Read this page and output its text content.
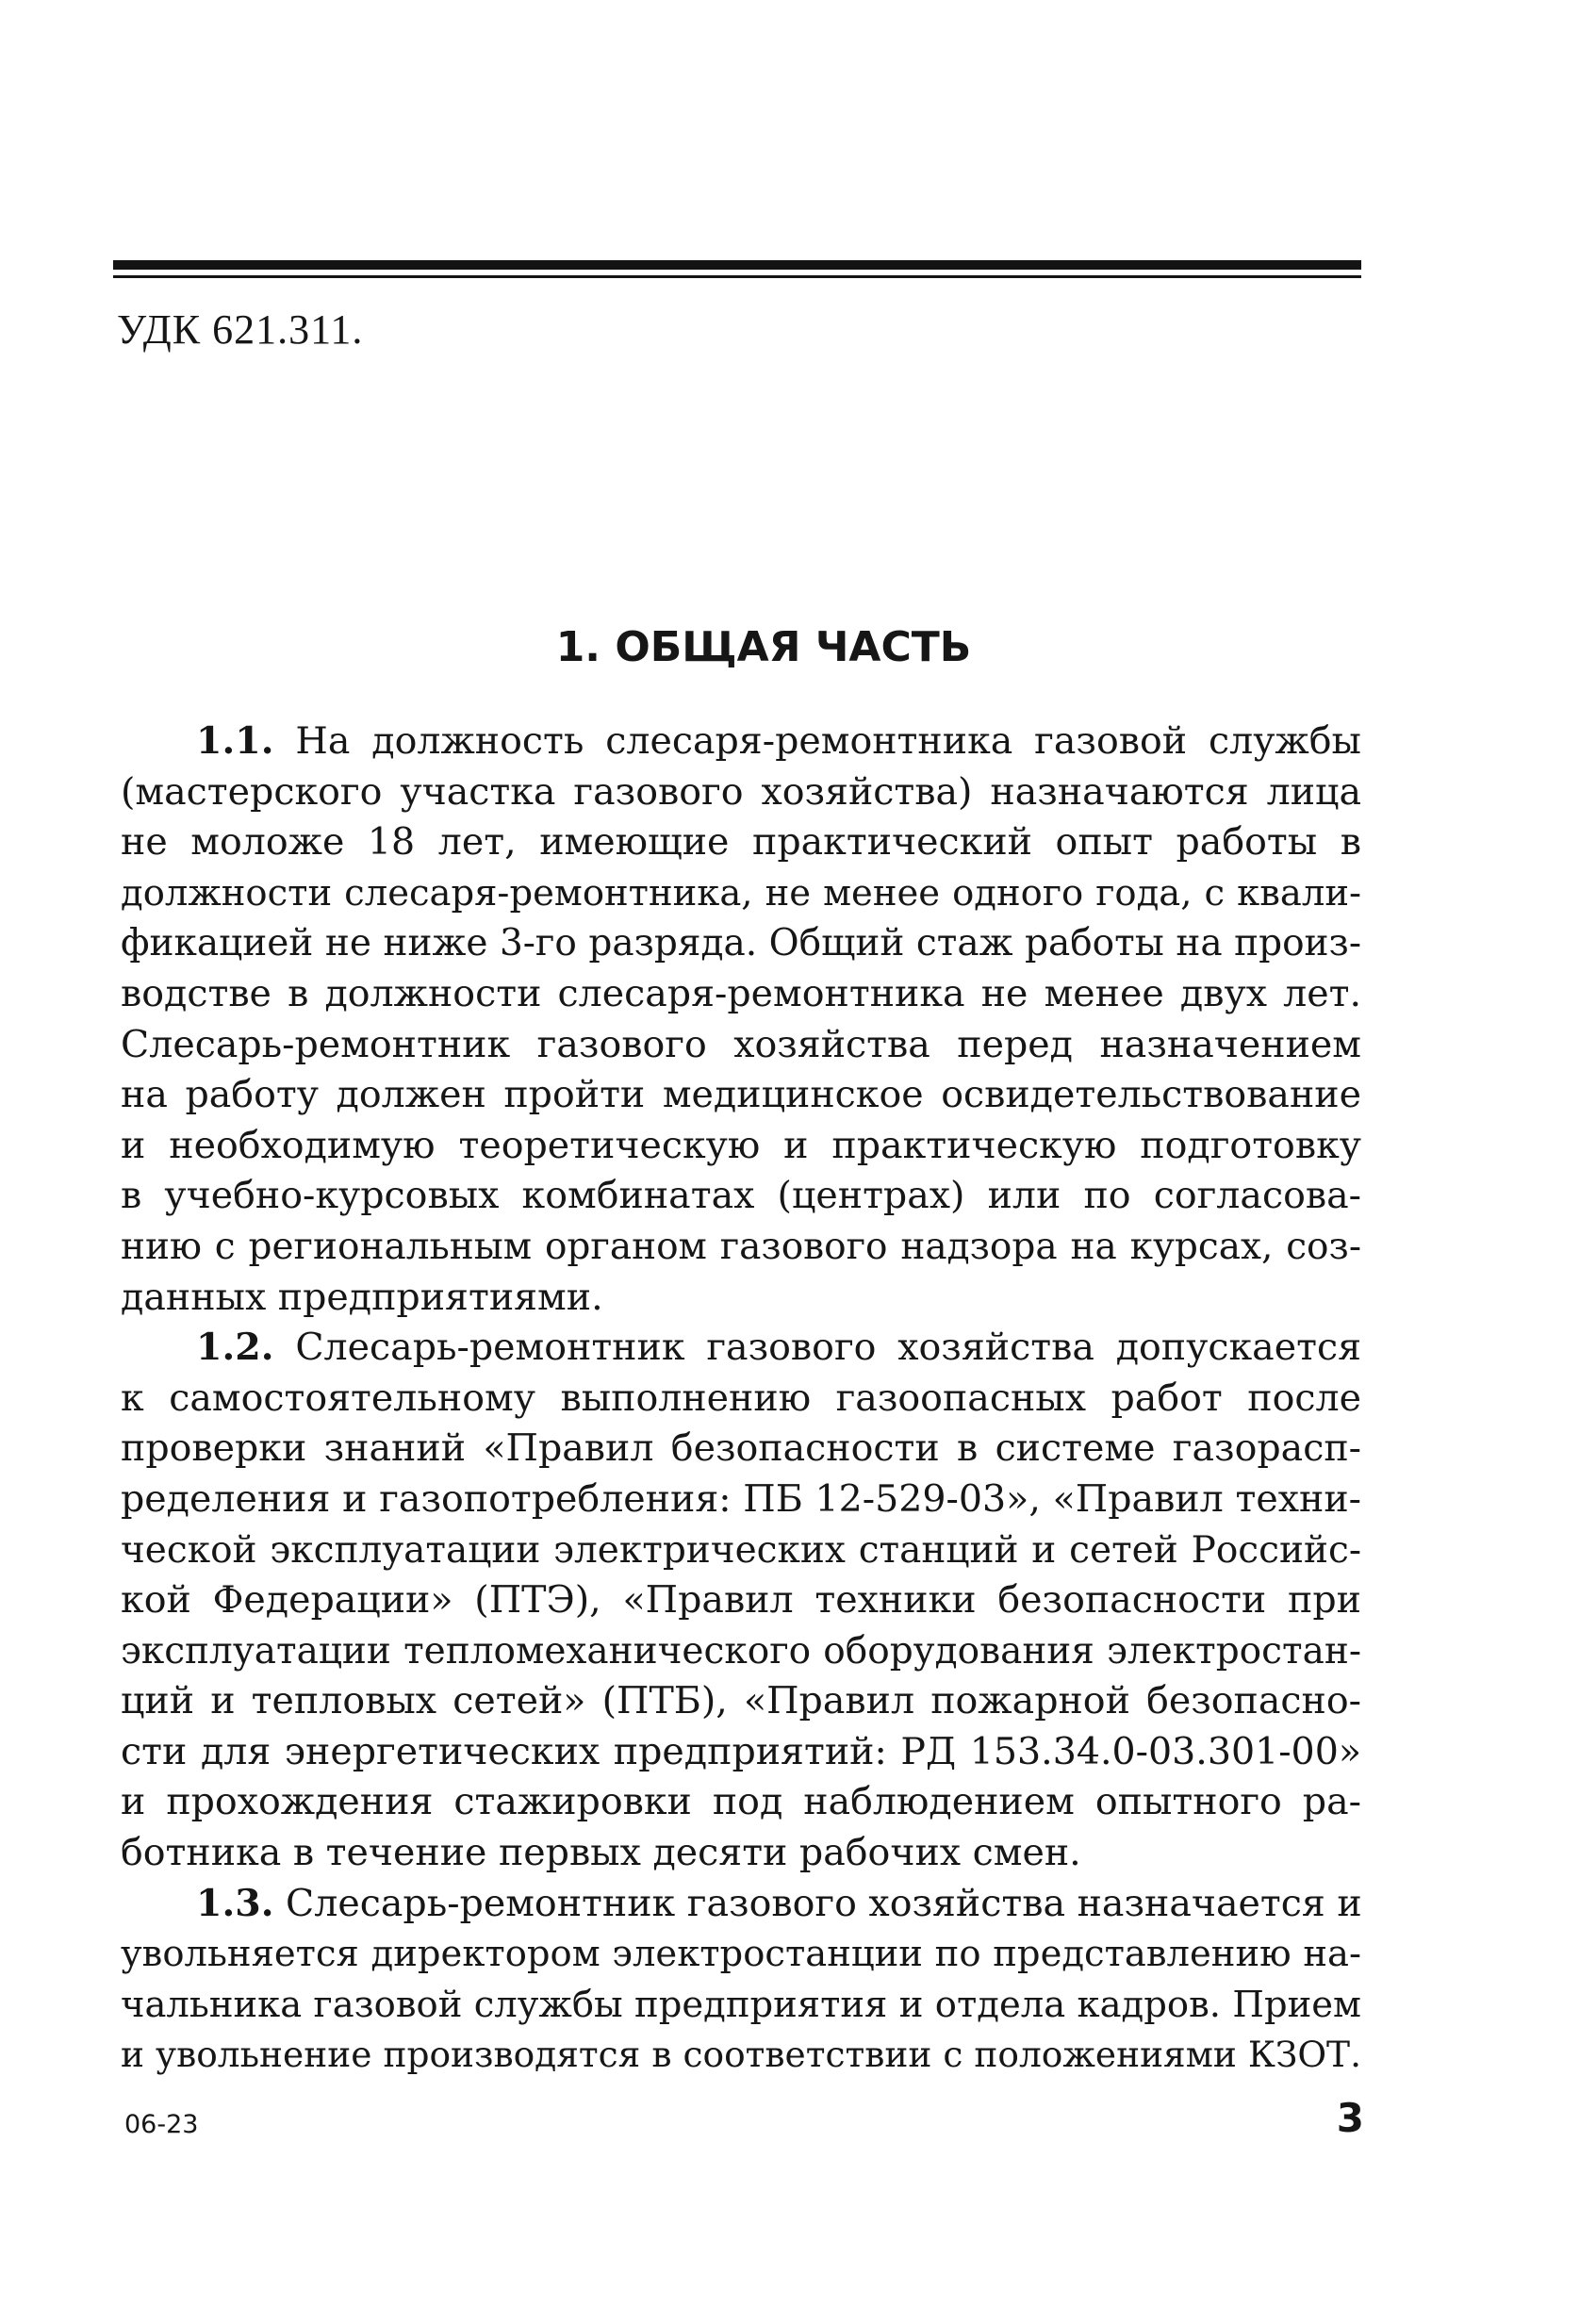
УДК 621.311.
1. ОБЩАЯ ЧАСТЬ
1.1. На должность слесаря-ремонтника газовой службы
(мастерского участка газового хозяйства) назначаются лица
не моложе 18 лет, имеющие практический опыт работы в
должности слесаря-ремонтника, не менее одного года, с квали-
фикацией не ниже 3-го разряда. Общий стаж работы на произ-
водстве в должности слесаря-ремонтника не менее двух лет.
Слесарь-ремонтник газового хозяйства перед назначением
на работу должен пройти медицинское освидетельствование
и необходимую теоретическую и практическую подготовку
в учебно-курсовых комбинатах (центрах) или по согласова-
нию с региональным органом газового надзора на курсах, соз-
данных предприятиями.
1.2. Слесарь-ремонтник газового хозяйства допускается
к самостоятельному выполнению газоопасных работ после
проверки знаний «Правил безопасности в системе газорасп-
ределения и газопотребления: ПБ 12-529-03», «Правил техни-
ческой эксплуатации электрических станций и сетей Российс-
кой Федерации» (ПТЭ), «Правил техники безопасности при
эксплуатации тепломеханического оборудования электростан-
ций и тепловых сетей» (ПТБ), «Правил пожарной безопасно-
сти для энергетических предприятий: РД 153.34.0-03.301-00»
и прохождения стажировки под наблюдением опытного ра-
ботника в течение первых десяти рабочих смен.
1.3. Слесарь-ремонтник газового хозяйства назначается и
увольняется директором электростанции по представлению на-
чальника газовой службы предприятия и отдела кадров. Прием
и увольнение производятся в соответствии с положениями КЗОТ.
06-23	3
